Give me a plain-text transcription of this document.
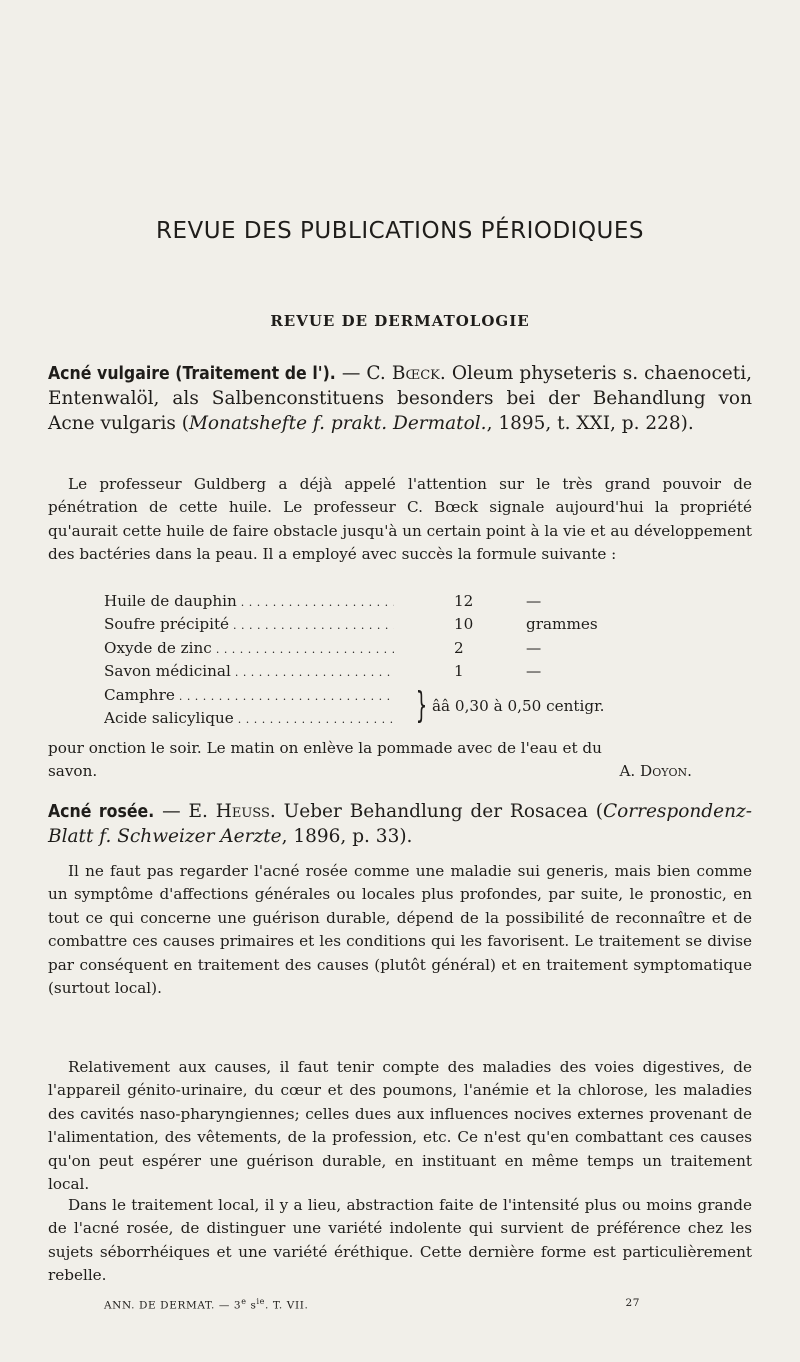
REVUE DES PUBLICATIONS PÉRIODIQUES
REVUE DE DERMATOLOGIE

Acné vulgaire (Traitement de l'). — C. Bœck. Oleum physeteris s. chaenoceti, Entenwalöl, als Salbenconstituens besonders bei der Behandlung von Acne vulgaris (Monatshefte f. prakt. Dermatol., 1895, t. XXI, p. 228).

Le professeur Guldberg a déjà appelé l'attention sur le très grand pouvoir de pénétration de cette huile. Le professeur C. Bœck signale aujourd'hui la propriété qu'aurait cette huile de faire obstacle jusqu'à un certain point à la vie et au développement des bactéries dans la peau. Il a employé avec succès la formule suivante :

Huile de dauphin . . .	12	—
Soufre précipité . . .	10	grammes
Oxyde de zinc . . .	2	—
Savon médicinal . . .	1	—
Camphre . . .
Acide salicylique . . .	} ââ 0,30 à 0,50 centigr.
pour onction le soir. Le matin on enlève la pommade avec de l'eau et du
savon.	A. Doyon.

Acné rosée. — E. Heuss. Ueber Behandlung der Rosacea (Correspondenz-Blatt f. Schweizer Aerzte, 1896, p. 33).

Il ne faut pas regarder l'acné rosée comme une maladie sui generis, mais bien comme un symptôme d'affections générales ou locales plus profondes, par suite, le pronostic, en tout ce qui concerne une guérison durable, dépend de la possibilité de reconnaître et de combattre ces causes primaires et les conditions qui les favorisent. Le traitement se divise par conséquent en traitement des causes (plutôt général) et en traitement symptomatique (surtout local).

Relativement aux causes, il faut tenir compte des maladies des voies digestives, de l'appareil génito-urinaire, du cœur et des poumons, l'anémie et la chlorose, les maladies des cavités naso-pharyngiennes; celles dues aux influences nocives externes provenant de l'alimentation, des vêtements, de la profession, etc. Ce n'est qu'en combattant ces causes qu'on peut espérer une guérison durable, en instituant en même temps un traitement local.

Dans le traitement local, il y a lieu, abstraction faite de l'intensité plus ou moins grande de l'acné rosée, de distinguer une variété indolente qui survient de préférence chez les sujets séborrhéiques et une variété éréthique. Cette dernière forme est particulièrement rebelle.

ANN. DE DERMAT. — 3e $s^{ie}$. T. VII.	27
